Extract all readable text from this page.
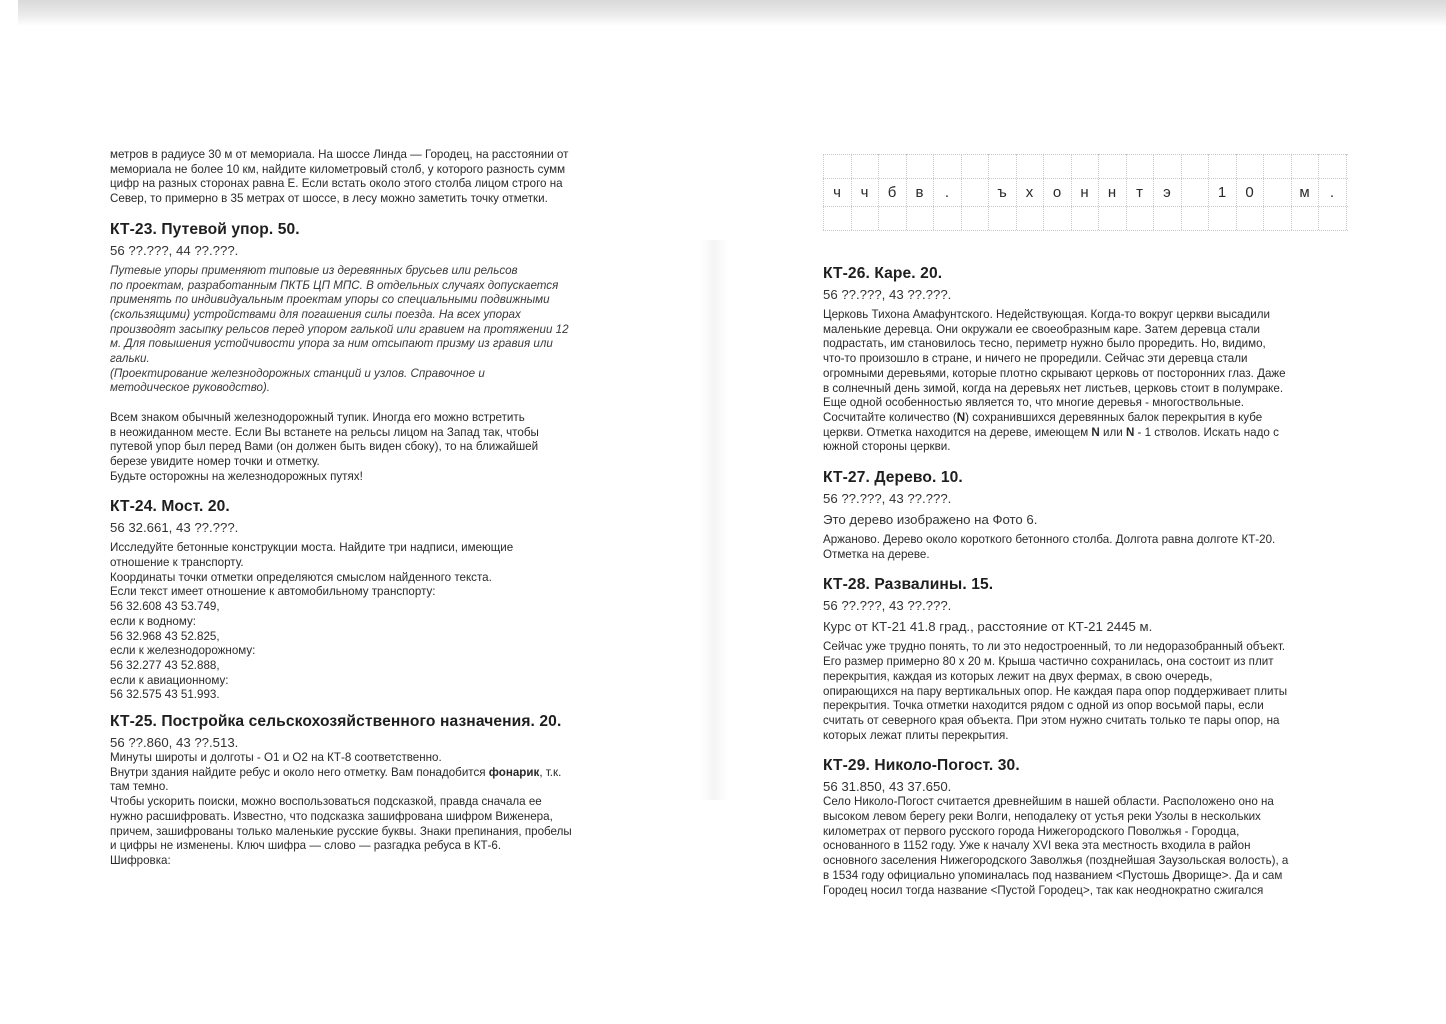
метров в радиусе 30 м от мемориала. На шоссе Линда — Городец, на расстоянии от

мемориала не более 10 км, найдите километровый столб, у которого разность сумм

цифр на разных сторонах равна E. Если встать около этого столба лицом строго на

Север, то примерно в 35 метрах от шоссе, в лесу можно заметить точку отметки.

КТ-23. Путевой упор. 50.

56 ??.???, 44 ??.???.

Путевые упоры применяют типовые из деревянных брусьев или рельсов

по проектам, разработанным ПКТБ ЦП МПС. В отдельных случаях допускается

применять по индивидуальным проектам упоры со специальными подвижными

(скользящими) устройствами для погашения силы поезда. На всех упорах

производят засыпку рельсов перед упором галькой или гравием на протяжении 12

м. Для повышения устойчивости упора за ним отсыпают призму из гравия или

гальки.

(Проектирование железнодорожных станций и узлов. Справочное и

методическое руководство).

Всем знаком обычный железнодорожный тупик. Иногда его можно встретить

в неожиданном месте. Если Вы встанете на рельсы лицом на Запад так, чтобы

путевой упор был перед Вами (он должен быть виден сбоку), то на ближайшей

березе увидите номер точки и отметку.

Будьте осторожны на железнодорожных путях!

КТ-24. Мост. 20.

56 32.661, 43 ??.???.

Исследуйте бетонные конструкции моста. Найдите три надписи, имеющие

отношение к транспорту.

Координаты точки отметки определяются смыслом найденного текста.

Если текст имеет отношение к автомобильному транспорту:

56 32.608 43 53.749,

если к водному:

56 32.968 43 52.825,

если к железнодорожному:

56 32.277 43 52.888,

если к авиационному:

56 32.575 43 51.993.

КТ-25. Постройка сельскохозяйственного назначения. 20.

56 ??.860, 43 ??.513.

Минуты широты и долготы - O1 и O2 на КТ-8 соответственно.

Внутри здания найдите ребус и около него отметку. Вам понадобится фонарик, т.к.

там темно.

Чтобы ускорить поиски, можно воспользоваться подсказкой, правда сначала ее

нужно расшифровать. Известно, что подсказка зашифрована шифром Виженера,

причем, зашифрованы только маленькие русские буквы. Знаки препинания, пробелы

и цифры не изменены. Ключ шифра — слово — разгадка ребуса в КТ-6.

Шифровка:

ч	ч	б	в	.	ъ	х	о	н	н	т	э	1	0	м	.
КТ-26. Каре. 20.

56 ??.???, 43 ??.???.

Церковь Тихона Амафунтского. Недействующая. Когда-то вокруг церкви высадили

маленькие деревца. Они окружали ее своеобразным каре. Затем деревца стали

подрастать, им становилось тесно, периметр нужно было проредить. Но, видимо,

что-то произошло в стране, и ничего не проредили. Сейчас эти деревца стали

огромными деревьями, которые плотно скрывают церковь от посторонних глаз. Даже

в солнечный день зимой, когда на деревьях нет листьев, церковь стоит в полумраке.

Еще одной особенностью является то, что многие деревья - многоствольные.

Сосчитайте количество (N) сохранившихся деревянных балок перекрытия в кубе

церкви. Отметка находится на дереве, имеющем N или N - 1 стволов. Искать надо с

южной стороны церкви.

КТ-27. Дерево. 10.

56 ??.???, 43 ??.???.

Это дерево изображено на Фото 6.

Аржаново. Дерево около короткого бетонного столба. Долгота равна долготе КТ-20.

Отметка на дереве.

КТ-28. Развалины. 15.

56 ??.???, 43 ??.???.

Курс от КТ-21 41.8 град., расстояние от КТ-21 2445 м.

Сейчас уже трудно понять, то ли это недостроенный, то ли недоразобранный объект.

Его размер примерно 80 х 20 м. Крыша частично сохранилась, она состоит из плит

перекрытия, каждая из которых лежит на двух фермах, в свою очередь,

опирающихся на пару вертикальных опор. Не каждая пара опор поддерживает плиты

перекрытия. Точка отметки находится рядом с одной из опор восьмой пары, если

считать от северного края объекта. При этом нужно считать только те пары опор, на

которых лежат плиты перекрытия.

КТ-29. Николо-Погост. 30.

56 31.850, 43 37.650.

Село Николо-Погост считается древнейшим в нашей области. Расположено оно на

высоком левом берегу реки Волги, неподалеку от устья реки Узолы в нескольких

километрах от первого русского города Нижегородского Поволжья - Городца,

основанного в 1152 году. Уже к началу XVI века эта местность входила в район

основного заселения Нижегородского Заволжья (позднейшая Заузольская волость), а

в 1534 году официально упоминалась под названием <Пустошь Дворище>. Да и сам

Городец носил тогда название <Пустой Городец>, так как неоднократно сжигался
